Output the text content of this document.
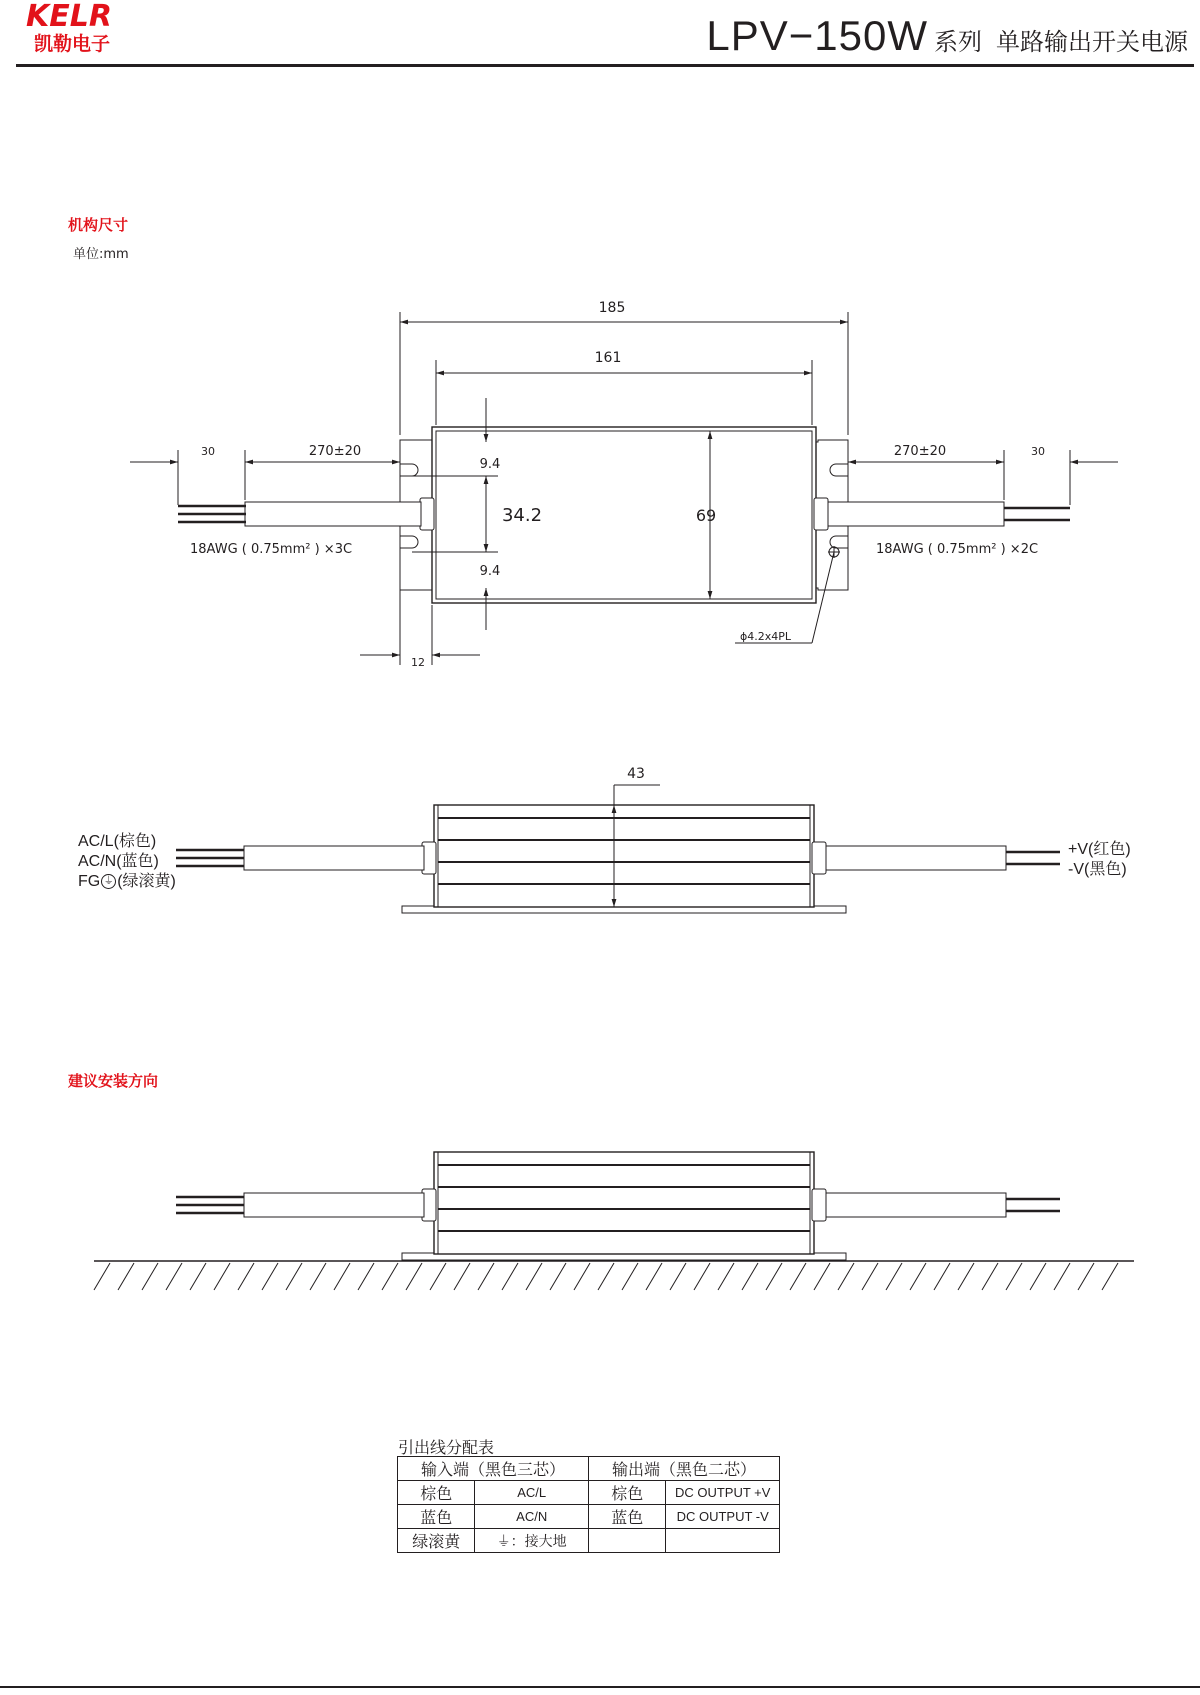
KELR
凯勒电子	LPV−150W 系列 单路输出开关电源
机构尺寸
单位:mm
185
161
270±20
30	270±20	30
9.4
34.2
9.4
69
12
18AWG ( 0.75mm² ) ×3C	18AWG ( 0.75mm² ) ×2C
ϕ4.2x4PL
43
AC/L(棕色)
AC/N(蓝色)
FG ⏚ (绿滚黄)
+V(红色)
-V(黑色)
建议安装方向
引出线分配表
输入端（黑色三芯）		输出端（黑色二芯）	
棕色	AC/L	棕色	DC OUTPUT +V
蓝色	AC/N	蓝色	DC OUTPUT -V
绿滚黄	⏚：接大地		
